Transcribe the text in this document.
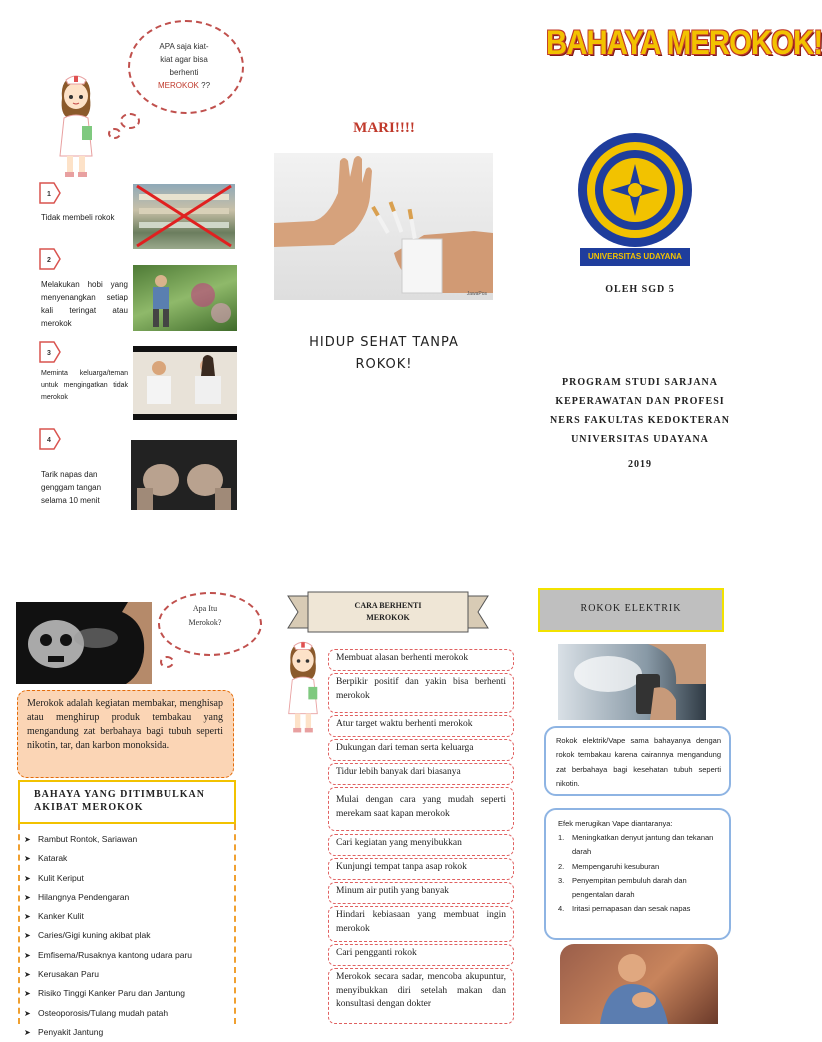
APA saja kiat-
kiat agar bisa
berhenti
MEROKOK ??
1
Tidak membeli rokok
2
Melakukan hobi yang menyenangkan setiap kali teringat atau merokok
3
Meminta keluarga/teman untuk mengingatkan tidak merokok
4
Tarik napas dan genggam tangan selama 10 menit
MARI!!!!
JawaPos
HIDUP SEHAT TANPA
ROKOK!
BAHAYA MEROKOK!
UNIVERSITAS UDAYANA
OLEH SGD 5
PROGRAM STUDI SARJANA
KEPERAWATAN DAN PROFESI
NERS FAKULTAS KEDOKTERAN
UNIVERSITAS UDAYANA
2019
Apa Itu
Merokok?
Merokok adalah kegiatan membakar, menghisap atau menghirup produk tembakau yang mengandung zat berbahaya bagi tubuh seperti nikotin, tar, dan karbon monoksida.
BAHAYA YANG DITIMBULKAN
AKIBAT MEROKOK
➤ Rambut Rontok, Sariawan
➤ Katarak
➤ Kulit Keriput
➤ Hilangnya Pendengaran
➤ Kanker Kulit
➤ Caries/Gigi kuning akibat plak
➤ Emfisema/Rusaknya kantong udara paru
➤ Kerusakan Paru
➤ Risiko Tinggi Kanker Paru dan Jantung
➤ Osteoporosis/Tulang mudah patah
➤ Penyakit Jantung
CARA BERHENTI
MEROKOK
Membuat alasan berhenti merokok
Berpikir positif dan yakin bisa berhenti merokok
Atur target waktu berhenti merokok
Dukungan dari teman serta keluarga
Tidur lebih banyak dari biasanya
Mulai dengan cara yang mudah seperti merekam saat kapan merokok
Cari kegiatan yang menyibukkan
Kunjungi tempat tanpa asap rokok
Minum air putih yang banyak
Hindari kebiasaan yang membuat ingin merokok
Cari pengganti rokok
Merokok secara sadar, mencoba akupuntur, menyibukkan diri setelah makan dan konsultasi dengan dokter
ROKOK ELEKTRIK
Rokok elektrik/Vape sama bahayanya dengan rokok tembakau karena cairannya mengandung zat berbahaya bagi kesehatan tubuh seperti nikotin.
Efek merugikan Vape diantaranya:
1.	Meningkatkan denyut jantung dan tekanan darah
2.	Mempengaruhi kesuburan
3.	Penyempitan pembuluh darah dan pengentalan darah
4.	Iritasi pernapasan dan sesak napas
